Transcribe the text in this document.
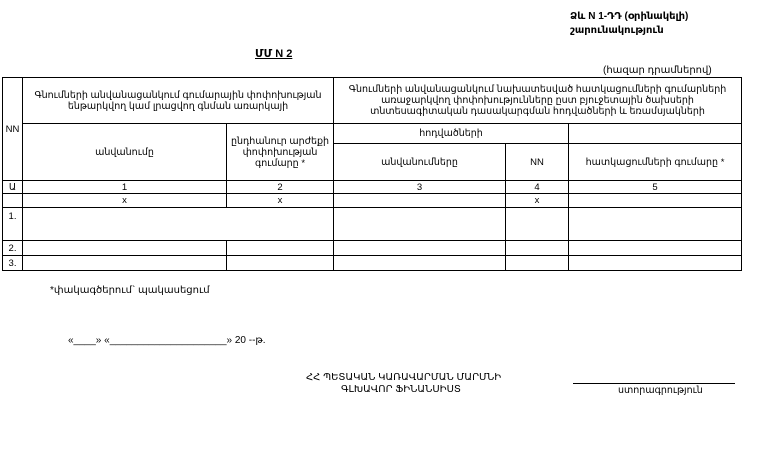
Ձև N 1-ԴԴ (օրինակելի)
շարունակություն
ՄՄ N 2
(հազար դրամներով)
NN	Գնումների անվանացանկում գումարային փոփոխության ենթարկվող կամ լրացվող գնման առարկայի		Գնումների անվանացանկում նախատեսված հատկացումների գումարների առաջարկվող փոփոխությունները ըստ բյուջետային ծախսերի տնտեսագիտական դասակարգման հոդվածների և եռամսյակների		
	անվանումը	ընդհանուր արժեքի փոփոխության գումարը *	հոդվածների		
			անվանումները	NN	հատկացումների գումարը *
Ա	1	2	3	4	5
	x	x		x	
1.					
2.					
3.					
*փակագծերում` պակասեցում
«____» «_____________________» 20 --թ.
ՀՀ ՊԵՏԱԿԱՆ ԿԱՌԱՎԱՐՄԱՆ ՄԱՐՄՆԻ
ԳԼԽԱՎՈՐ ՖԻՆԱՆՍԻՍՏ	ստորագրություն
